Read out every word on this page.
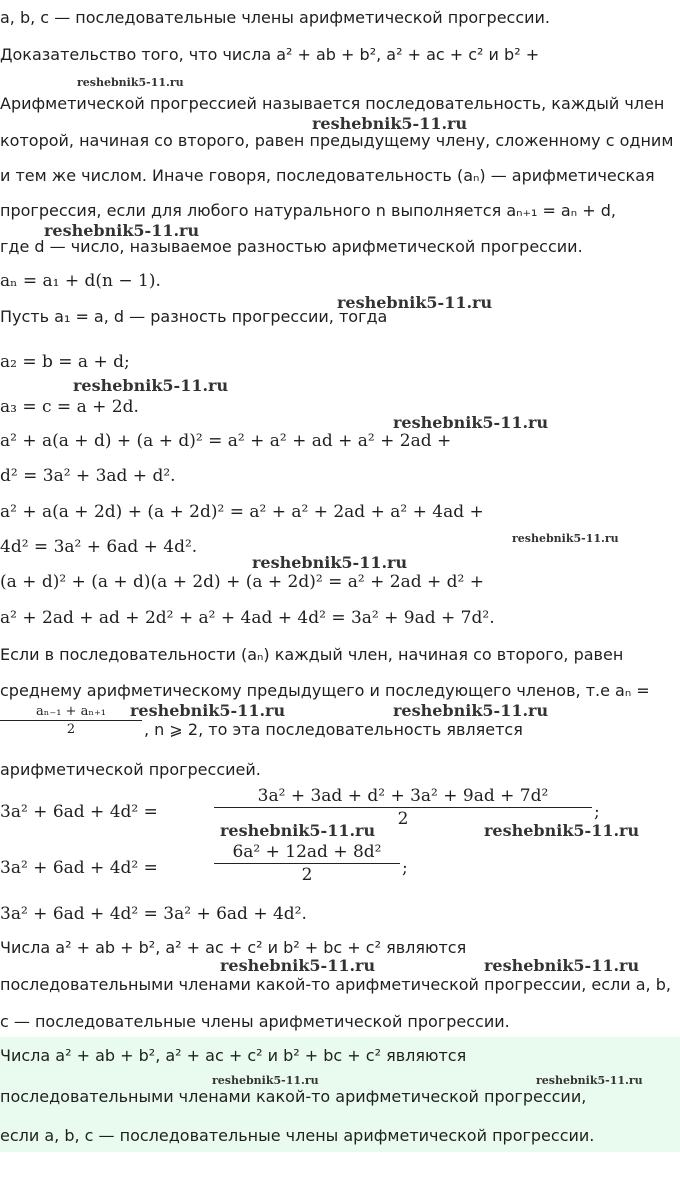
a, b, c — последовательные члены арифметической прогрессии.
Доказательство того, что числа a² + ab + b², a² + ac + c² и b² +
reshebnik5-11.ru
Арифметической прогрессией называется последовательность, каждый член
reshebnik5-11.ru
которой, начиная со второго, равен предыдущему члену, сложенному с одним
и тем же числом. Иначе говоря, последовательность (aₙ) — арифметическая
прогрессия, если для любого натурального n выполняется aₙ₊₁ = aₙ + d,
reshebnik5-11.ru
где d — число, называемое разностью арифметической прогрессии.
aₙ = a₁ + d(n − 1).
reshebnik5-11.ru
Пусть a₁ = a, d — разность прогрессии, тогда
a₂ = b = a + d;
reshebnik5-11.ru
a₃ = c = a + 2d.
reshebnik5-11.ru
a² + a(a + d) + (a + d)² = a² + a² + ad + a² + 2ad +
d² = 3a² + 3ad + d².
a² + a(a + 2d) + (a + 2d)² = a² + a² + 2ad + a² + 4ad +
reshebnik5-11.ru
4d² = 3a² + 6ad + 4d².
reshebnik5-11.ru
(a + d)² + (a + d)(a + 2d) + (a + 2d)² = a² + 2ad + d² +
a² + 2ad + ad + 2d² + a² + 4ad + 4d² = 3a² + 9ad + 7d².
Если в последовательности (aₙ) каждый член, начиная со второго, равен
среднему арифметическому предыдущего и последующего членов, т.е aₙ =
$\frac{\text{aₙ₋₁ + aₙ₊₁}}{2}$
reshebnik5-11.ru	reshebnik5-11.ru
, n ⩾ 2, то эта последовательность является
арифметической прогрессией.
3a² + 6ad + 4d² =	$\frac{\text{3a² + 3ad + d² + 3a² + 9ad + 7d²}}{2}$ ;
reshebnik5-11.ru	reshebnik5-11.ru
3a² + 6ad + 4d² =	$\frac{\text{6a² + 12ad + 8d²}}{2}$ ;
3a² + 6ad + 4d² = 3a² + 6ad + 4d².
Числа a² + ab + b², a² + ac + c² и b² + bc + c² являются
reshebnik5-11.ru	reshebnik5-11.ru
последовательными членами какой-то арифметической прогрессии, если a, b,
c — последовательные члены арифметической прогрессии.
Числа a² + ab + b², a² + ac + c² и b² + bc + c² являются
reshebnik5-11.ru	reshebnik5-11.ru
последовательными членами какой-то арифметической прогрессии,
если a, b, c — последовательные члены арифметической прогрессии.
